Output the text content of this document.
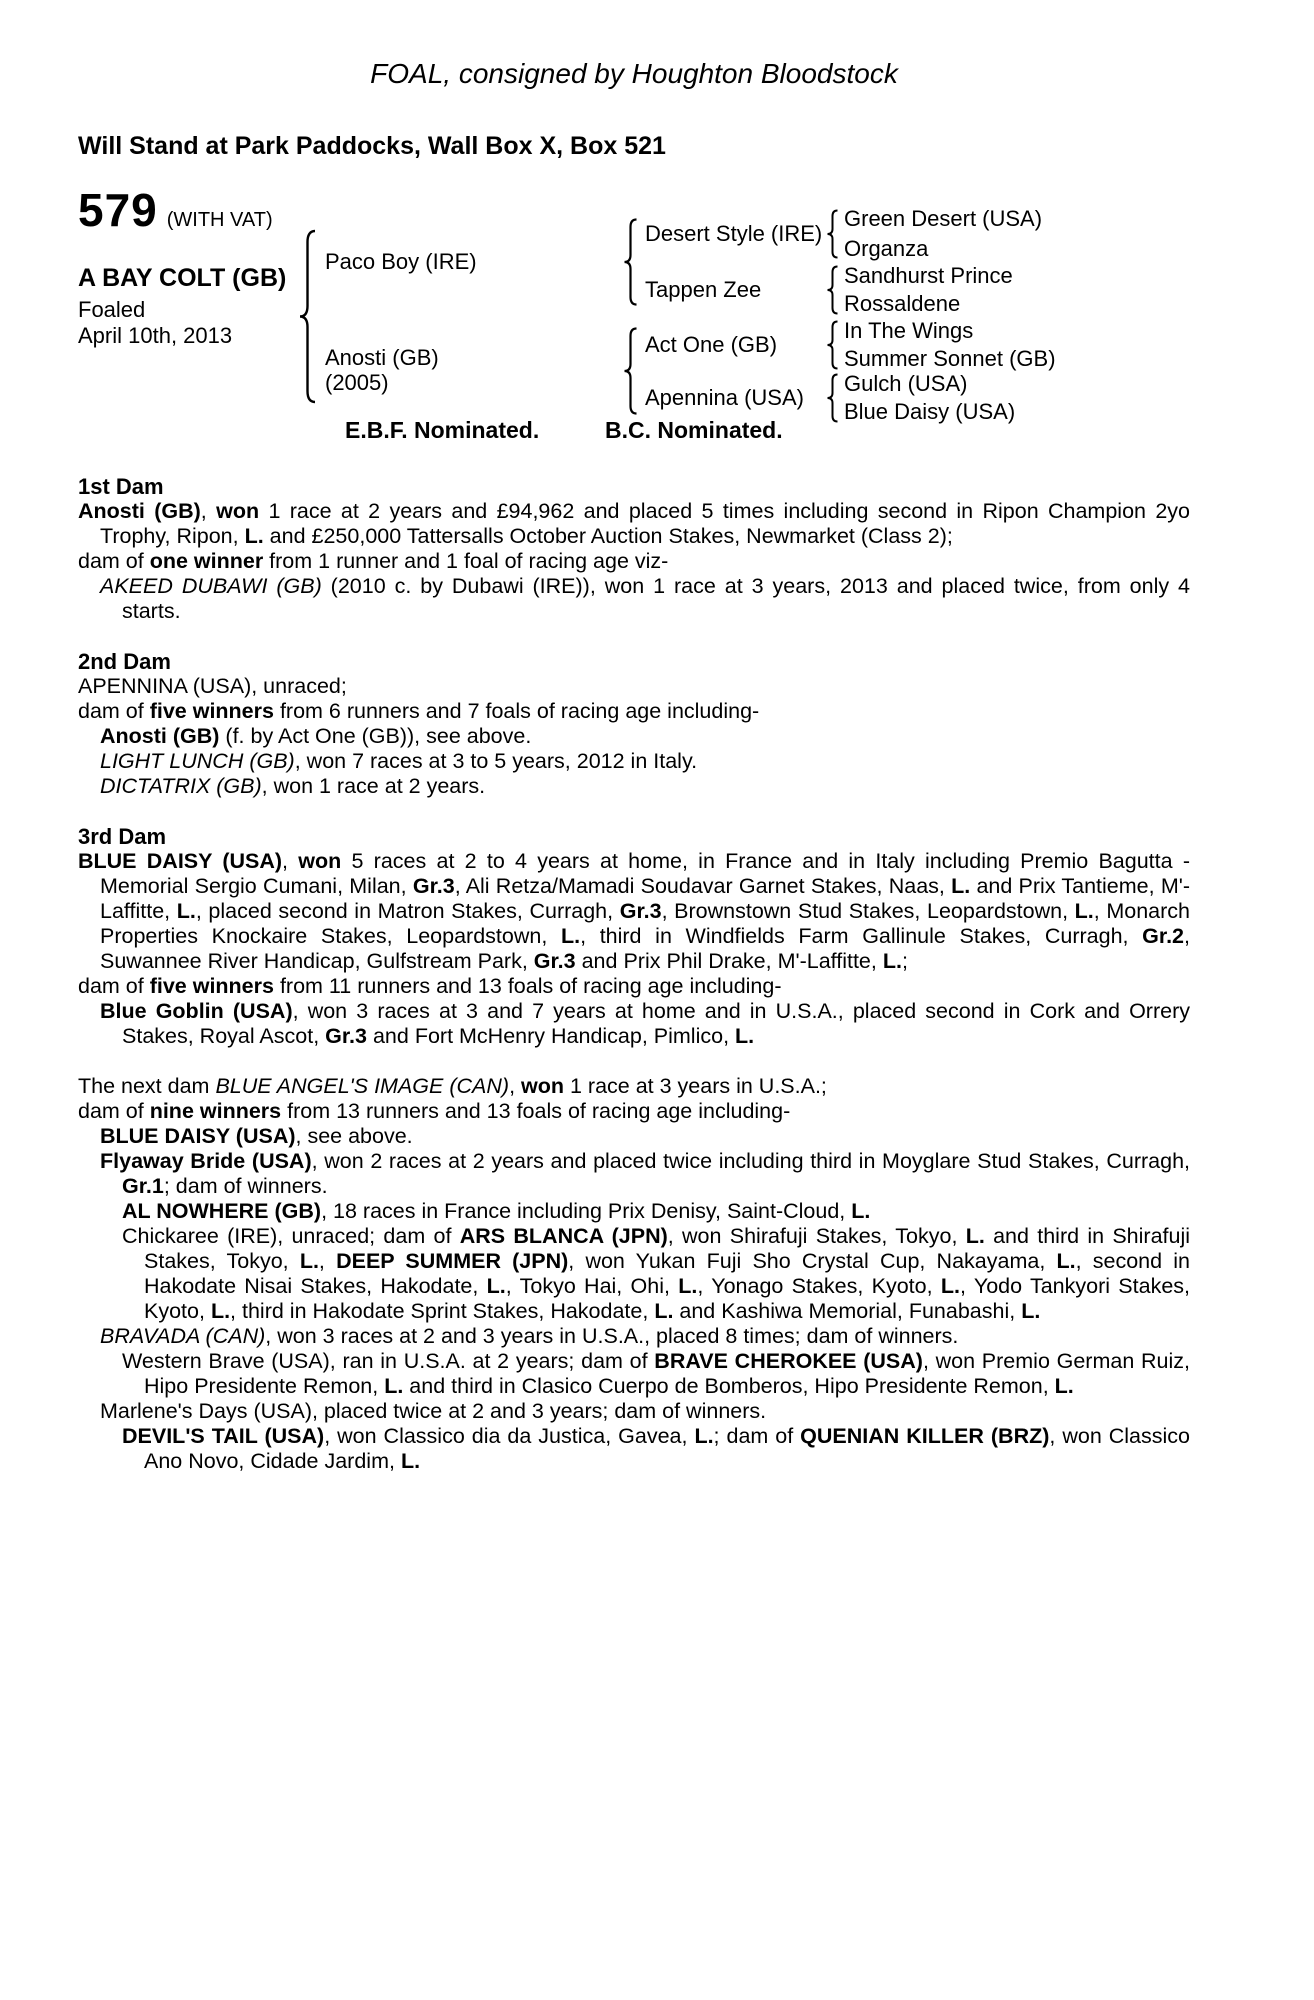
FOAL, consigned by Houghton Bloodstock
Will Stand at Park Paddocks, Wall Box X, Box 521
579 (WITH VAT)
A BAY COLT (GB)
Foaled
April 10th, 2013
Paco Boy (IRE)
Anosti (GB)
(2005)
Desert Style (IRE)
Tappen Zee
Act One (GB)
Apennina (USA)
Green Desert (USA)
Organza
Sandhurst Prince
Rossaldene
In The Wings
Summer Sonnet (GB)
Gulch (USA)
Blue Daisy (USA)
E.B.F. Nominated.	B.C. Nominated.
1st Dam

Anosti (GB), won 1 race at 2 years and £94,962 and placed 5 times including second in Ripon Champion 2yo Trophy, Ripon, L. and £250,000 Tattersalls October Auction Stakes, Newmarket (Class 2);

dam of one winner from 1 runner and 1 foal of racing age viz-

AKEED DUBAWI (GB) (2010 c. by Dubawi (IRE)), won 1 race at 3 years, 2013 and placed twice, from only 4 starts.

2nd Dam

APENNINA (USA), unraced;

dam of five winners from 6 runners and 7 foals of racing age including-

Anosti (GB) (f. by Act One (GB)), see above.

LIGHT LUNCH (GB), won 7 races at 3 to 5 years, 2012 in Italy.

DICTATRIX (GB), won 1 race at 2 years.

3rd Dam

BLUE DAISY (USA), won 5 races at 2 to 4 years at home, in France and in Italy including Premio Bagutta - Memorial Sergio Cumani, Milan, Gr.3, Ali Retza/Mamadi Soudavar Garnet Stakes, Naas, L. and Prix Tantieme, M'-Laffitte, L., placed second in Matron Stakes, Curragh, Gr.3, Brownstown Stud Stakes, Leopardstown, L., Monarch Properties Knockaire Stakes, Leopardstown, L., third in Windfields Farm Gallinule Stakes, Curragh, Gr.2, Suwannee River Handicap, Gulfstream Park, Gr.3 and Prix Phil Drake, M'-Laffitte, L.;

dam of five winners from 11 runners and 13 foals of racing age including-

Blue Goblin (USA), won 3 races at 3 and 7 years at home and in U.S.A., placed second in Cork and Orrery Stakes, Royal Ascot, Gr.3 and Fort McHenry Handicap, Pimlico, L.

The next dam BLUE ANGEL'S IMAGE (CAN), won 1 race at 3 years in U.S.A.;

dam of nine winners from 13 runners and 13 foals of racing age including-

BLUE DAISY (USA), see above.

Flyaway Bride (USA), won 2 races at 2 years and placed twice including third in Moyglare Stud Stakes, Curragh, Gr.1; dam of winners.

AL NOWHERE (GB), 18 races in France including Prix Denisy, Saint-Cloud, L.

Chickaree (IRE), unraced; dam of ARS BLANCA (JPN), won Shirafuji Stakes, Tokyo, L. and third in Shirafuji Stakes, Tokyo, L., DEEP SUMMER (JPN), won Yukan Fuji Sho Crystal Cup, Nakayama, L., second in Hakodate Nisai Stakes, Hakodate, L., Tokyo Hai, Ohi, L., Yonago Stakes, Kyoto, L., Yodo Tankyori Stakes, Kyoto, L., third in Hakodate Sprint Stakes, Hakodate, L. and Kashiwa Memorial, Funabashi, L.

BRAVADA (CAN), won 3 races at 2 and 3 years in U.S.A., placed 8 times; dam of winners.

Western Brave (USA), ran in U.S.A. at 2 years; dam of BRAVE CHEROKEE (USA), won Premio German Ruiz, Hipo Presidente Remon, L. and third in Clasico Cuerpo de Bomberos, Hipo Presidente Remon, L.

Marlene's Days (USA), placed twice at 2 and 3 years; dam of winners.

DEVIL'S TAIL (USA), won Classico dia da Justica, Gavea, L.; dam of QUENIAN KILLER (BRZ), won Classico Ano Novo, Cidade Jardim, L.
